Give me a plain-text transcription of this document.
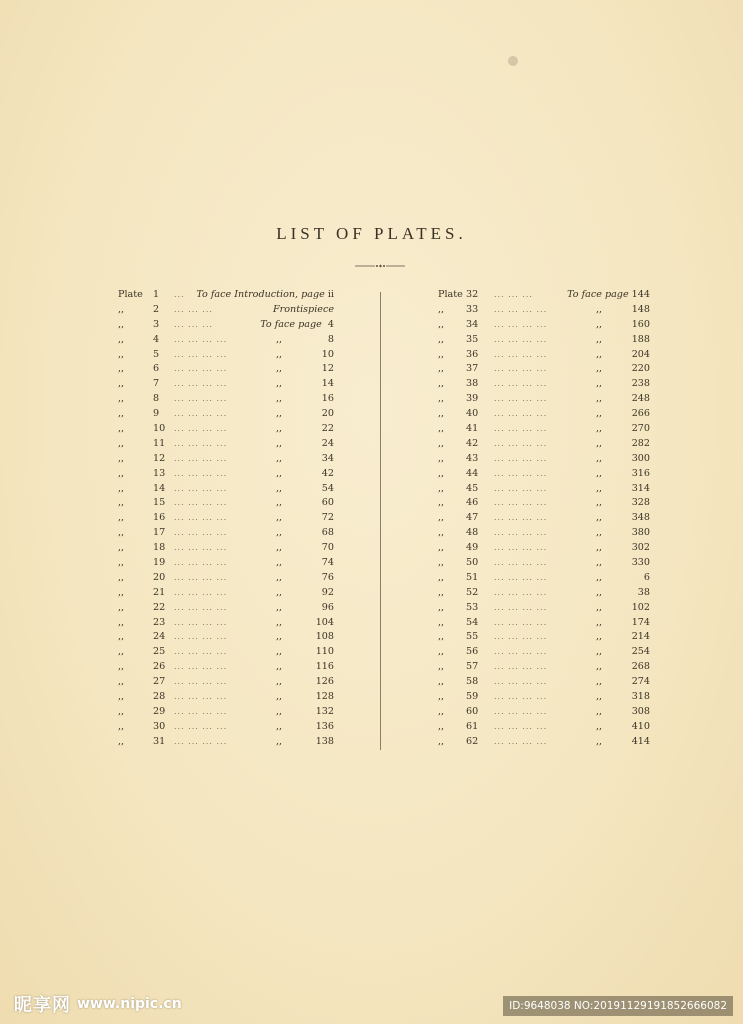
LIST OF PLATES.
Plate 1 ... To face Introduction, page ii
,,	2 ... ... ...	Frontispiece
,,	3 ... ... ...	To face page  4
,,	4 ... ... ... ...	,,	8
,,	5 ... ... ... ...	,,	10
,,	6 ... ... ... ...	,,	12
,,	7 ... ... ... ...	,,	14
,,	8 ... ... ... ...	,,	16
,,	9 ... ... ... ...	,,	20
,,	10 ... ... ... ...	,,	22
,,	11 ... ... ... ...	,,	24
,,	12 ... ... ... ...	,,	34
,,	13 ... ... ... ...	,,	42
,,	14 ... ... ... ...	,,	54
,,	15 ... ... ... ...	,,	60
,,	16 ... ... ... ...	,,	72
,,	17 ... ... ... ...	,,	68
,,	18 ... ... ... ...	,,	70
,,	19 ... ... ... ...	,,	74
,,	20 ... ... ... ...	,,	76
,,	21 ... ... ... ...	,,	92
,,	22 ... ... ... ...	,,	96
,,	23 ... ... ... ...	,,	104
,,	24 ... ... ... ...	,,	108
,,	25 ... ... ... ...	,,	110
,,	26 ... ... ... ...	,,	116
,,	27 ... ... ... ...	,,	126
,,	28 ... ... ... ...	,,	128
,,	29 ... ... ... ...	,,	132
,,	30 ... ... ... ...	,,	136
,,	31 ... ... ... ...	,,	138
Plate 32 ... ... ...	To face page 144
,, 33 ... ... ... ...	,,	148
,, 34 ... ... ... ...	,,	160
,, 35 ... ... ... ...	,,	188
,, 36 ... ... ... ...	,,	204
,, 37 ... ... ... ...	,,	220
,, 38 ... ... ... ...	,,	238
,, 39 ... ... ... ...	,,	248
,, 40 ... ... ... ...	,,	266
,, 41 ... ... ... ...	,,	270
,, 42 ... ... ... ...	,,	282
,, 43 ... ... ... ...	,,	300
,, 44 ... ... ... ...	,,	316
,, 45 ... ... ... ...	,,	314
,, 46 ... ... ... ...	,,	328
,, 47 ... ... ... ...	,,	348
,, 48 ... ... ... ...	,,	380
,, 49 ... ... ... ...	,,	302
,, 50 ... ... ... ...	,,	330
,, 51 ... ... ... ...	,,	6
,, 52 ... ... ... ...	,,	38
,, 53 ... ... ... ...	,,	102
,, 54 ... ... ... ...	,,	174
,, 55 ... ... ... ...	,,	214
,, 56 ... ... ... ...	,,	254
,, 57 ... ... ... ...	,,	268
,, 58 ... ... ... ...	,,	274
,, 59 ... ... ... ...	,,	318
,, 60 ... ... ... ...	,,	308
,, 61 ... ... ... ...	,,	410
,, 62 ... ... ... ...	,,	414
昵享网 www.nipic.cn	ID:9648038 NO:20191129191852666082
